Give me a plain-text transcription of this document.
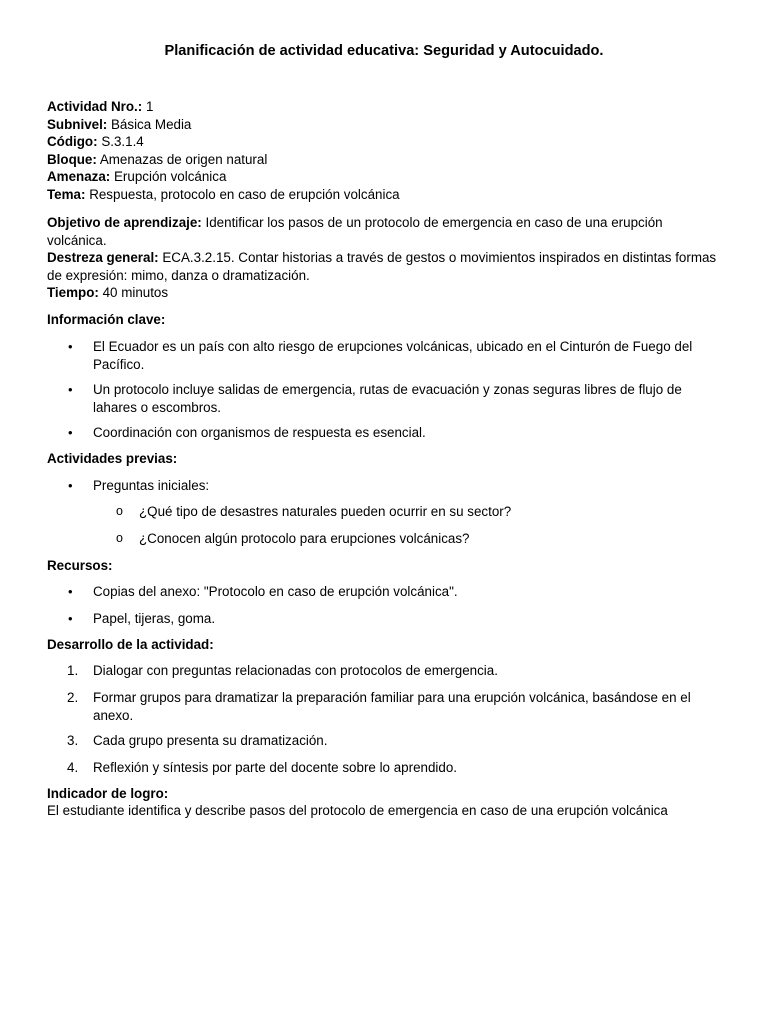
Planificación de actividad educativa: Seguridad y Autocuidado.
Actividad Nro.: 1
Subnivel: Básica Media
Código: S.3.1.4
Bloque: Amenazas de origen natural
Amenaza: Erupción volcánica
Tema: Respuesta, protocolo en caso de erupción volcánica
Objetivo de aprendizaje: Identificar los pasos de un protocolo de emergencia en caso de una erupción volcánica.
Destreza general: ECA.3.2.15. Contar historias a través de gestos o movimientos inspirados en distintas formas de expresión: mimo, danza o dramatización.
Tiempo: 40 minutos
Información clave:
•	El Ecuador es un país con alto riesgo de erupciones volcánicas, ubicado en el Cinturón de Fuego del Pacífico.
•	Un protocolo incluye salidas de emergencia, rutas de evacuación y zonas seguras libres de flujo de lahares o escombros.
•	Coordinación con organismos de respuesta es esencial.
Actividades previas:
•	Preguntas iniciales:
o	¿Qué tipo de desastres naturales pueden ocurrir en su sector?
o	¿Conocen algún protocolo para erupciones volcánicas?
Recursos:
•	Copias del anexo: "Protocolo en caso de erupción volcánica".
•	Papel, tijeras, goma.
Desarrollo de la actividad:
1.	Dialogar con preguntas relacionadas con protocolos de emergencia.
2.	Formar grupos para dramatizar la preparación familiar para una erupción volcánica, basándose en el anexo.
3.	Cada grupo presenta su dramatización.
4.	Reflexión y síntesis por parte del docente sobre lo aprendido.
Indicador de logro:
El estudiante identifica y describe pasos del protocolo de emergencia en caso de una erupción volcánica
